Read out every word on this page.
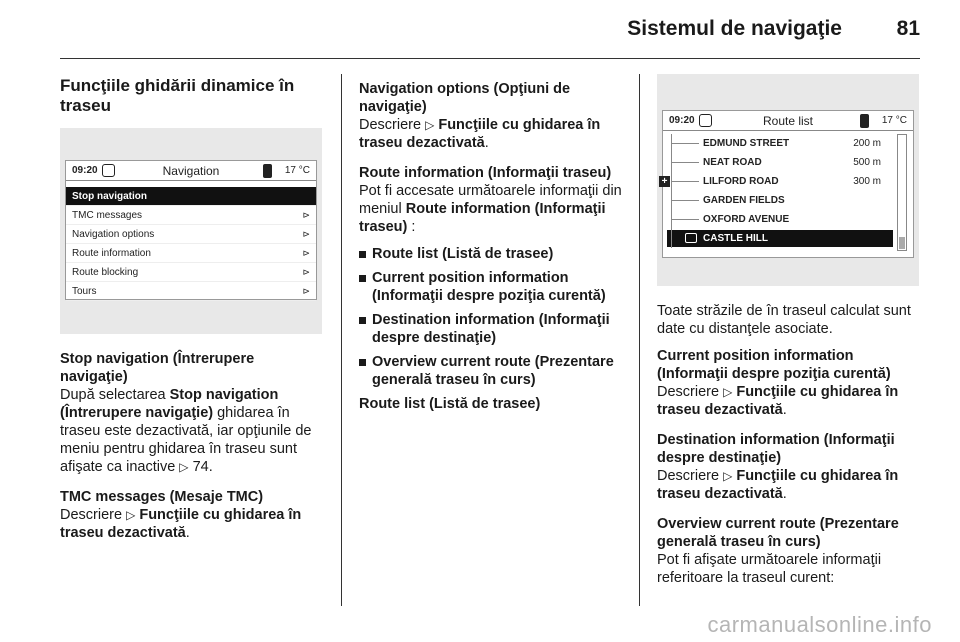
Sistemul de navigaţie	81
Funcţiile ghidării dinamice în traseu
09:20	Navigation	17 °C
Stop navigation
TMC messages	⊳
Navigation options	⊳
Route information	⊳
Route blocking	⊳
Tours	⊳

Stop navigation (Întrerupere navigaţie)

După selectarea Stop navigation (Întrerupere navigaţie) ghidarea în traseu este dezactivată, iar opţiunile de meniu pentru ghidarea în traseu sunt afişate ca inactive ▷ 74.

TMC messages (Mesaje TMC)

Descriere ▷ Funcţiile cu ghidarea în traseu dezactivată.

Navigation options (Opţiuni de navigaţie)

Descriere ▷ Funcţiile cu ghidarea în traseu dezactivată.

Route information (Informaţii traseu)

Pot fi accesate următoarele informaţii din meniul Route information (Informaţii traseu) :

Route list (Listă de trasee)
Current position information (Informaţii despre poziţia curentă)
Destination information (Informaţii despre destinaţie)
Overview current route (Prezentare generală traseu în curs)

Route list (Listă de trasee)

09:20	Route list	17 °C
EDMUND STREET	200 m
NEAT ROAD	500 m
+	LILFORD ROAD	300 m
GARDEN FIELDS
OXFORD AVENUE
CASTLE HILL

Toate străzile de în traseul calculat sunt date cu distanţele asociate.

Current position information (Informaţii despre poziţia curentă)

Descriere ▷ Funcţiile cu ghidarea în traseu dezactivată.

Destination information (Informaţii despre destinaţie)

Descriere ▷ Funcţiile cu ghidarea în traseu dezactivată.

Overview current route (Prezentare generală traseu în curs)

Pot fi afişate următoarele informaţii referitoare la traseul curent:

carmanualsonline.info
